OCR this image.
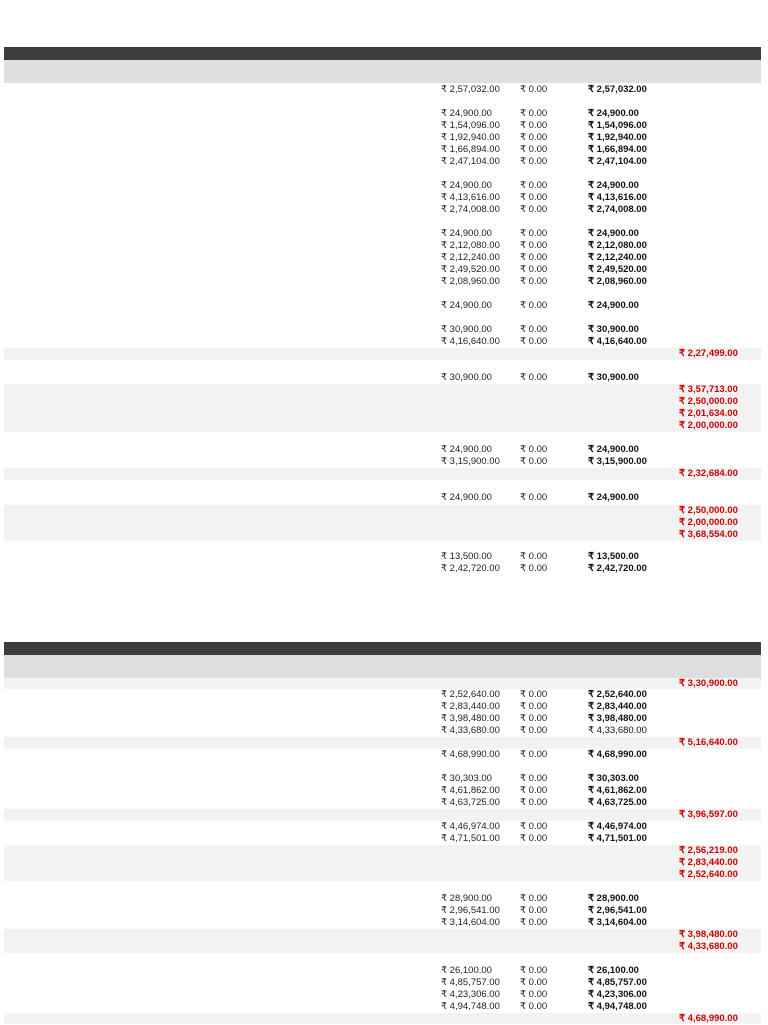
₹ 2,57,032.00 ₹ 0.00	₹ 2,57,032.00
₹ 24,900.00	₹ 0.00	₹ 24,900.00
₹ 1,54,096.00 ₹ 0.00	₹ 1,54,096.00
₹ 1,92,940.00 ₹ 0.00	₹ 1,92,940.00
₹ 1,66,894.00 ₹ 0.00	₹ 1,66,894.00
₹ 2,47,104.00 ₹ 0.00	₹ 2,47,104.00
₹ 24,900.00	₹ 0.00	₹ 24,900.00
₹ 4,13,616.00 ₹ 0.00	₹ 4,13,616.00
₹ 2,74,008.00 ₹ 0.00	₹ 2,74,008.00
₹ 24,900.00	₹ 0.00	₹ 24,900.00
₹ 2,12,080.00 ₹ 0.00	₹ 2,12,080.00
₹ 2,12,240.00 ₹ 0.00	₹ 2,12,240.00
₹ 2,49,520.00 ₹ 0.00	₹ 2,49,520.00
₹ 2,08,960.00 ₹ 0.00	₹ 2,08,960.00
₹ 24,900.00	₹ 0.00	₹ 24,900.00
₹ 30,900.00	₹ 0.00	₹ 30,900.00
₹ 4,16,640.00 ₹ 0.00	₹ 4,16,640.00
₹ 2,27,499.00
₹ 30,900.00	₹ 0.00	₹ 30,900.00
₹ 3,57,713.00
₹ 2,50,000.00
₹ 2,01,634.00
₹ 2,00,000.00
₹ 24,900.00	₹ 0.00	₹ 24,900.00
₹ 3,15,900.00 ₹ 0.00	₹ 3,15,900.00
₹ 2,32,684.00
₹ 24,900.00	₹ 0.00	₹ 24,900.00
₹ 2,50,000.00
₹ 2,00,000.00
₹ 3,68,554.00
₹ 13,500.00	₹ 0.00	₹ 13,500.00
₹ 2,42,720.00 ₹ 0.00	₹ 2,42,720.00
₹ 3,30,900.00
₹ 2,52,640.00 ₹ 0.00	₹ 2,52,640.00
₹ 2,83,440.00 ₹ 0.00	₹ 2,83,440.00
₹ 3,98,480.00 ₹ 0.00	₹ 3,98,480.00
₹ 4,33,680.00 ₹ 0.00	₹ 4,33,680.00
₹ 5,16,640.00
₹ 4,68,990.00 ₹ 0.00	₹ 4,68,990.00
₹ 30,303.00	₹ 0.00	₹ 30,303.00
₹ 4,61,862.00 ₹ 0.00	₹ 4,61,862.00
₹ 4,63,725.00 ₹ 0.00	₹ 4,63,725.00
₹ 3,96,597.00
₹ 4,46,974.00 ₹ 0.00	₹ 4,46,974.00
₹ 4,71,501.00 ₹ 0.00	₹ 4,71,501.00
₹ 2,56,219.00
₹ 2,83,440.00
₹ 2,52,640.00
₹ 28,900.00	₹ 0.00	₹ 28,900.00
₹ 2,96,541.00 ₹ 0.00	₹ 2,96,541.00
₹ 3,14,604.00 ₹ 0.00	₹ 3,14,604.00
₹ 3,98,480.00
₹ 4,33,680.00
₹ 26,100.00	₹ 0.00	₹ 26,100.00
₹ 4,85,757.00 ₹ 0.00	₹ 4,85,757.00
₹ 4,23,306.00 ₹ 0.00	₹ 4,23,306.00
₹ 4,94,748.00 ₹ 0.00	₹ 4,94,748.00
₹ 4,68,990.00
